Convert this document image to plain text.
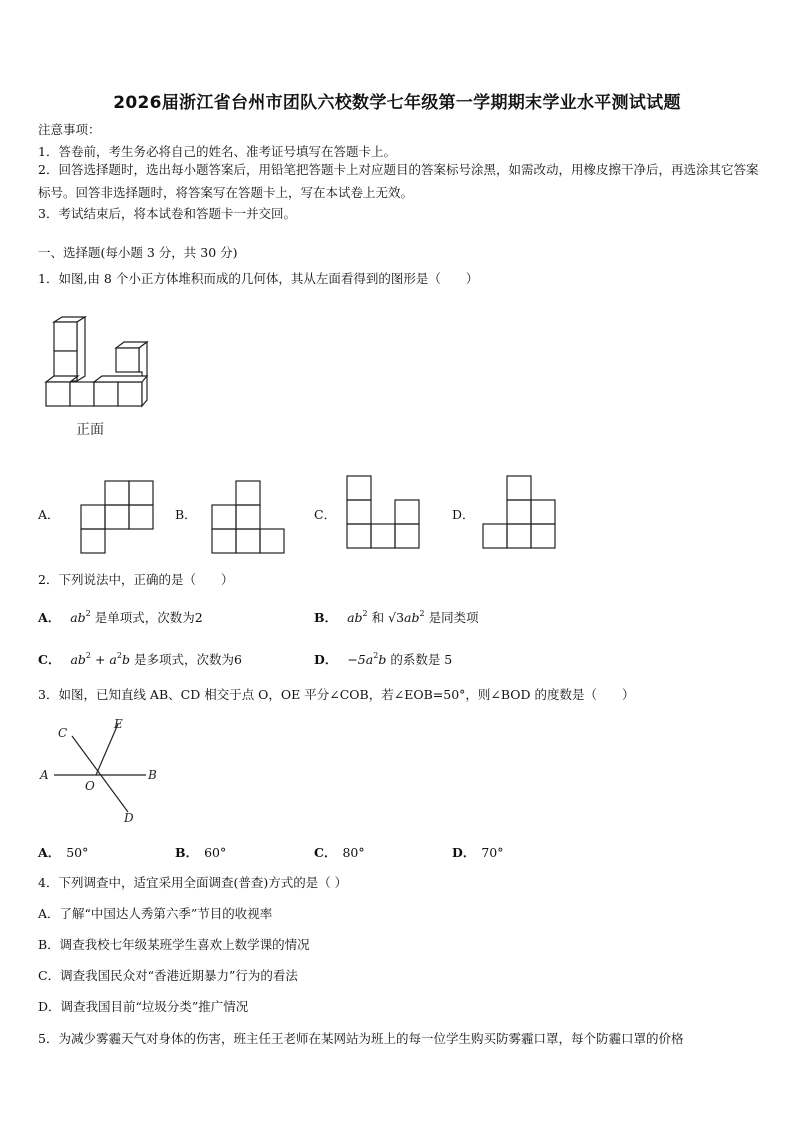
2026届浙江省台州市团队六校数学七年级第一学期期末学业水平测试试题
注意事项：
1．答卷前，考生务必将自己的姓名、准考证号填写在答题卡上。
2．回答选择题时，选出每小题答案后，用铅笔把答题卡上对应题目的答案标号涂黑，如需改动，用橡皮擦干净后，再选涂其它答案标号。回答非选择题时，将答案写在答题卡上，写在本试卷上无效。
3．考试结束后，将本试卷和答题卡一并交回。
一、选择题(每小题 3 分，共 30 分)
1．如图,由 8 个小正方体堆积而成的几何体，其从左面看得到的图形是（　　）
正面
A．	B．	C．	D．
2．下列说法中，正确的是（　　）
A． $ab^2$ 是单项式，次数为2	B． $ab^2$ 和 $√3ab^2$ 是同类项
C． $ab^2 + a^2b$ 是多项式，次数为6	D． $-5a^2b$ 的系数是 5
3．如图，已知直线 AB、CD 相交于点 O，OE 平分∠COB，若∠EOB=50°，则∠BOD 的度数是（　　）
A	B
C
D
E
O
A． 50°	B． 60°	C． 80°	D． 70°
4．下列调查中，适宜采用全面调查(普查)方式的是（ ）
A．了解“中国达人秀第六季”节目的收视率
B．调查我校七年级某班学生喜欢上数学课的情况
C．调查我国民众对“香港近期暴力”行为的看法
D．调查我国目前“垃圾分类”推广情况
5．为减少雾霾天气对身体的伤害，班主任王老师在某网站为班上的每一位学生购买防雾霾口罩，每个防霾口罩的价格
